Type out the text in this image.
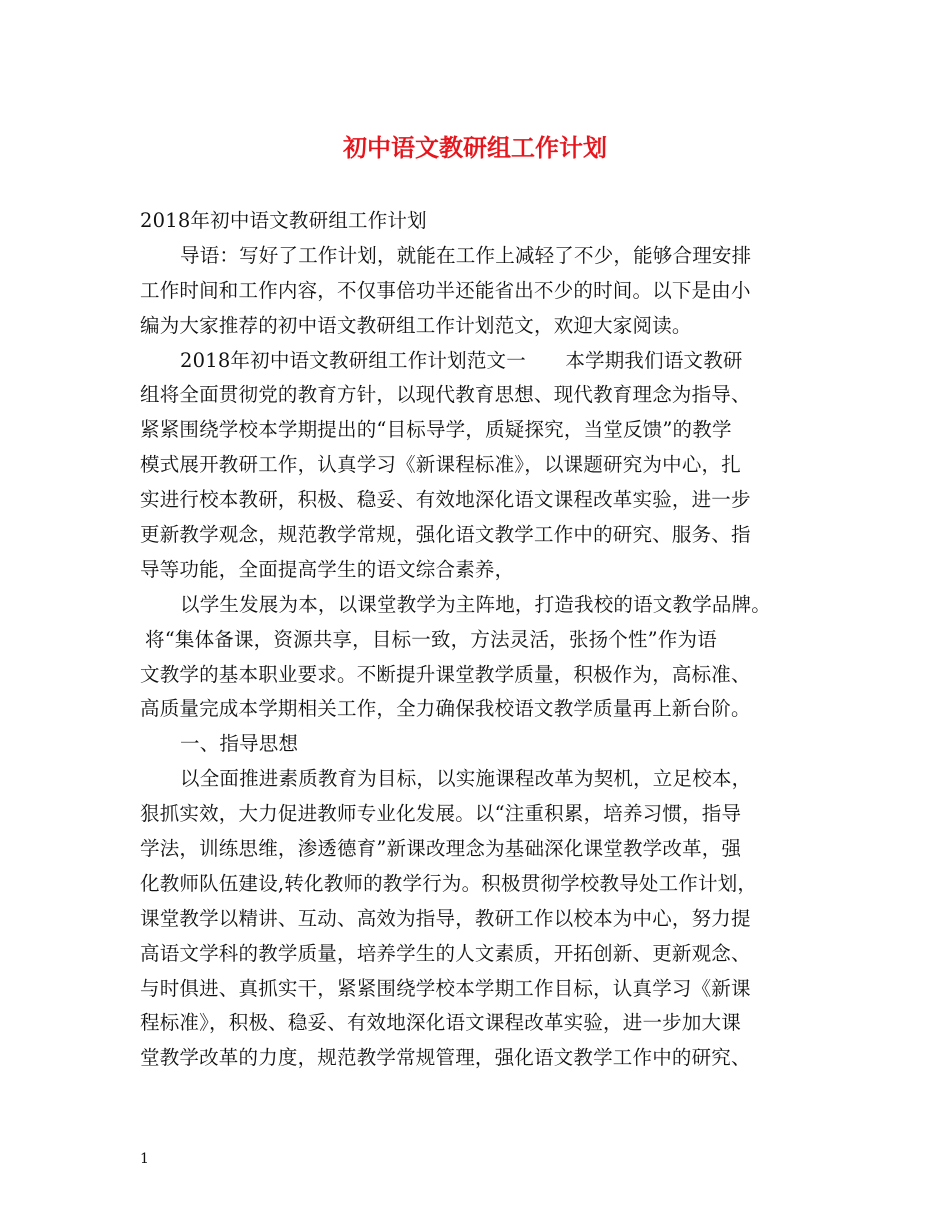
初中语文教研组工作计划

2018年初中语文教研组工作计划

导语：写好了工作计划，就能在工作上减轻了不少，能够合理安排

工作时间和工作内容，不仅事倍功半还能省出不少的时间。以下是由小

编为大家推荐的初中语文教研组工作计划范文，欢迎大家阅读。

2018年初中语文教研组工作计划范文一　　本学期我们语文教研

组将全面贯彻党的教育方针，以现代教育思想、现代教育理念为指导、

紧紧围绕学校本学期提出的“目标导学，质疑探究，当堂反馈”的教学

模式展开教研工作，认真学习《新课程标准》，以课题研究为中心，扎

实进行校本教研，积极、稳妥、有效地深化语文课程改革实验，进一步

更新教学观念，规范教学常规，强化语文教学工作中的研究、服务、指

导等功能，全面提高学生的语文综合素养，

以学生发展为本，以课堂教学为主阵地，打造我校的语文教学品牌。

将“集体备课，资源共享，目标一致，方法灵活，张扬个性”作为语

文教学的基本职业要求。不断提升课堂教学质量，积极作为，高标准、

高质量完成本学期相关工作，全力确保我校语文教学质量再上新台阶。

一、指导思想

以全面推进素质教育为目标，以实施课程改革为契机，立足校本，

狠抓实效，大力促进教师专业化发展。以“注重积累，培养习惯，指导

学法，训练思维，渗透德育”新课改理念为基础深化课堂教学改革，强

化教师队伍建设,转化教师的教学行为。积极贯彻学校教导处工作计划，

课堂教学以精讲、互动、高效为指导，教研工作以校本为中心，努力提

高语文学科的教学质量，培养学生的人文素质，开拓创新、更新观念、

与时俱进、真抓实干，紧紧围绕学校本学期工作目标，认真学习《新课

程标准》，积极、稳妥、有效地深化语文课程改革实验，进一步加大课

堂教学改革的力度，规范教学常规管理，强化语文教学工作中的研究、

1
